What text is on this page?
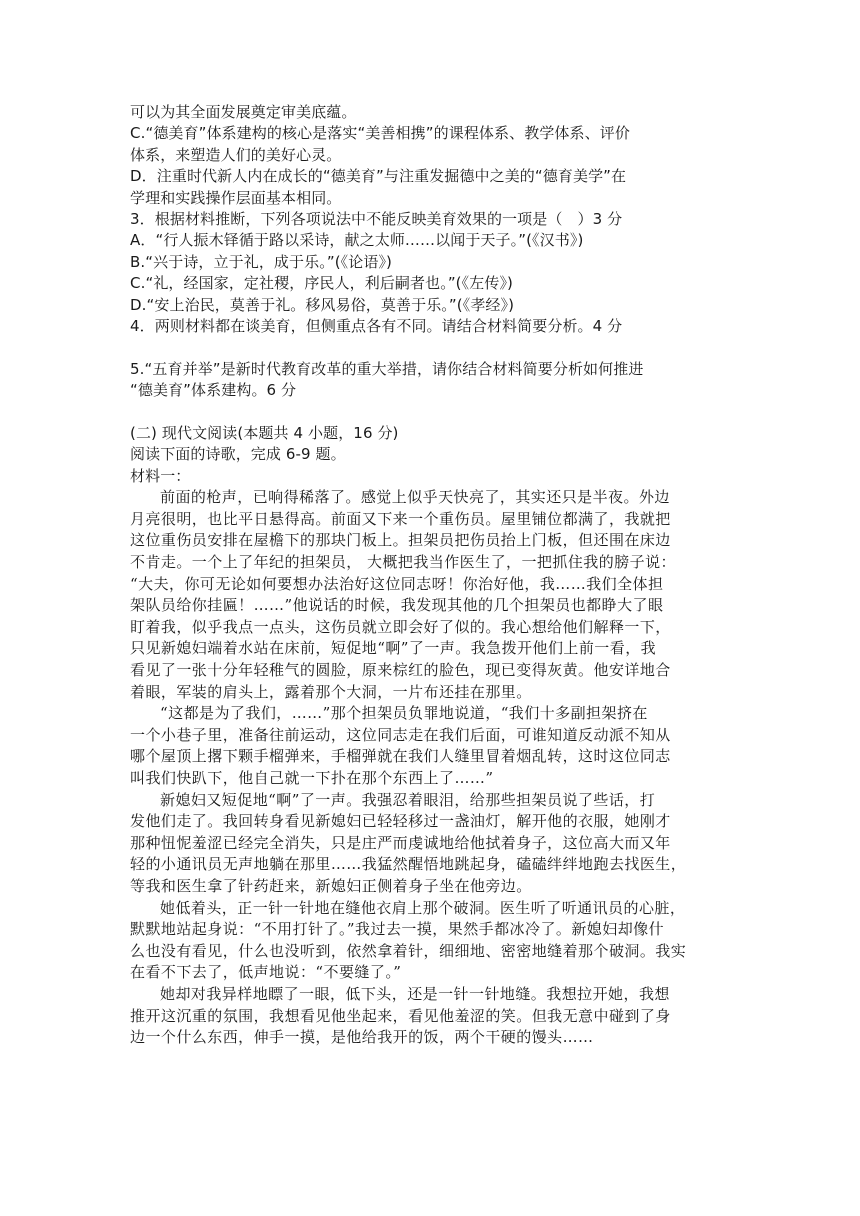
可以为其全面发展奠定审美底蕴。
C.“德美育”体系建构的核心是落实“美善相携”的课程体系、教学体系、评价
体系，来塑造人们的美好心灵。
D．注重时代新人内在成长的“德美育”与注重发掘德中之美的“德育美学”在
学理和实践操作层面基本相同。
3．根据材料推断，下列各项说法中不能反映美育效果的一项是（　）3 分
A．“行人振木铎循于路以采诗，献之太师……以闻于天子。”(《汉书》)
B.“兴于诗，立于礼，成于乐。”(《论语》)
C.“礼，经国家，定社稷，序民人，利后嗣者也。”(《左传》)
D.“安上治民，莫善于礼。移风易俗，莫善于乐。”(《孝经》)
4．两则材料都在谈美育，但侧重点各有不同。请结合材料简要分析。4 分
5.“五育并举”是新时代教育改革的重大举措，请你结合材料简要分析如何推进
“德美育”体系建构。6 分
(二) 现代文阅读(本题共 4 小题，16 分)
阅读下面的诗歌，完成 6-9 题。
材料一：
前面的枪声，已响得稀落了。感觉上似乎天快亮了，其实还只是半夜。外边
月亮很明，也比平日悬得高。前面又下来一个重伤员。屋里铺位都满了，我就把
这位重伤员安排在屋檐下的那块门板上。担架员把伤员抬上门板，但还围在床边
不肯走。一个上了年纪的担架员， 大概把我当作医生了，一把抓住我的膀子说：
“大夫，你可无论如何要想办法治好这位同志呀！你治好他，我……我们全体担
架队员给你挂匾！……”他说话的时候，我发现其他的几个担架员也都睁大了眼
盯着我，似乎我点一点头，这伤员就立即会好了似的。我心想给他们解释一下，
只见新媳妇端着水站在床前，短促地“啊”了一声。我急拨开他们上前一看，我
看见了一张十分年轻稚气的圆脸，原来棕红的脸色，现已变得灰黄。他安详地合
着眼，军装的肩头上，露着那个大洞，一片布还挂在那里。
“这都是为了我们，……”那个担架员负罪地说道，“我们十多副担架挤在
一个小巷子里，准备往前运动，这位同志走在我们后面，可谁知道反动派不知从
哪个屋顶上撂下颗手榴弹来，手榴弹就在我们人缝里冒着烟乱转，这时这位同志
叫我们快趴下，他自己就一下扑在那个东西上了……”
新媳妇又短促地“啊”了一声。我强忍着眼泪，给那些担架员说了些话，打
发他们走了。我回转身看见新媳妇已轻轻移过一盏油灯，解开他的衣服，她刚才
那种忸怩羞涩已经完全消失，只是庄严而虔诚地给他拭着身子，这位高大而又年
轻的小通讯员无声地躺在那里……我猛然醒悟地跳起身，磕磕绊绊地跑去找医生，
等我和医生拿了针药赶来，新媳妇正侧着身子坐在他旁边。
她低着头，正一针一针地在缝他衣肩上那个破洞。医生听了听通讯员的心脏，
默默地站起身说：“不用打针了。”我过去一摸，果然手都冰冷了。新媳妇却像什
么也没有看见，什么也没听到，依然拿着针，细细地、密密地缝着那个破洞。我实
在看不下去了，低声地说：“不要缝了。”
她却对我异样地瞟了一眼，低下头，还是一针一针地缝。我想拉开她，我想
推开这沉重的氛围，我想看见他坐起来，看见他羞涩的笑。但我无意中碰到了身
边一个什么东西，伸手一摸，是他给我开的饭，两个干硬的馒头……
